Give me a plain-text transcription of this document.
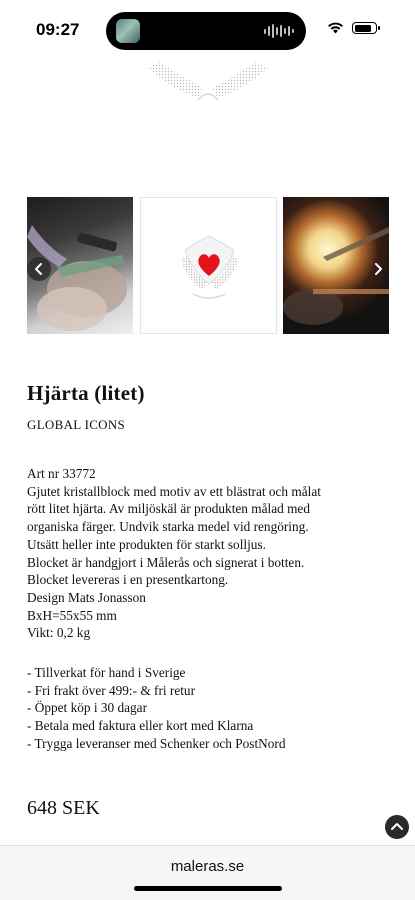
09:27
Hjärta (litet)
GLOBAL ICONS

Art nr 33772

Gjutet kristallblock med motiv av ett blästrat och målat

rött litet hjärta. Av miljöskäl är produkten målad med

organiska färger. Undvik starka medel vid rengöring.

Utsätt heller inte produkten för starkt solljus.

Blocket är handgjort i Målerås och signerat i botten.

Blocket levereras i en presentkartong.

Design Mats Jonasson

BxH=55x55 mm

Vikt: 0,2 kg

- Tillverkat för hand i Sverige
- Fri frakt över 499:- & fri retur
- Öppet köp i 30 dagar
- Betala med faktura eller kort med Klarna
- Trygga leveranser med Schenker och PostNord
648 SEK
maleras.se
